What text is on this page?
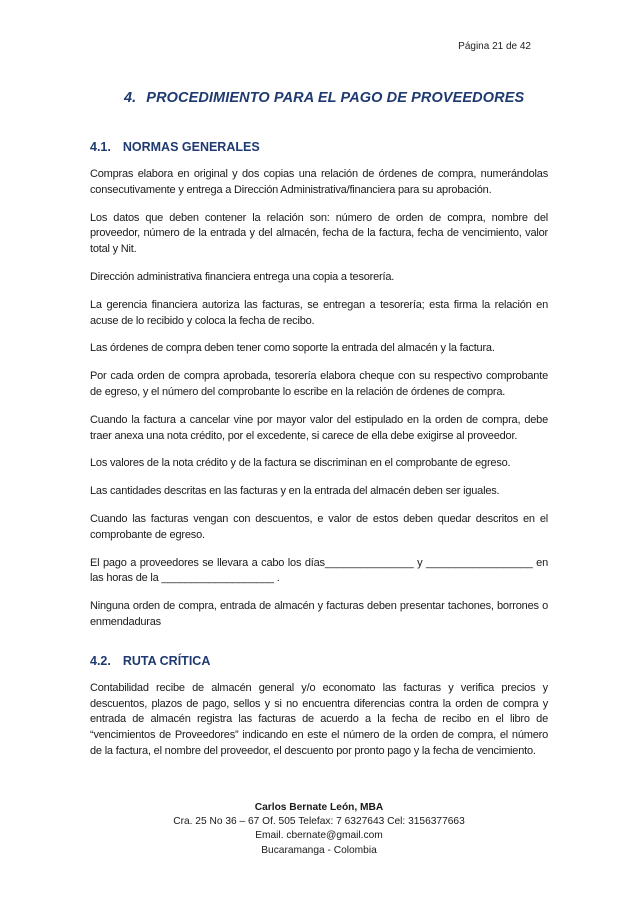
Página 21 de 42
4. PROCEDIMIENTO PARA EL PAGO DE PROVEEDORES
4.1. NORMAS GENERALES

Compras elabora en original y dos copias una relación de órdenes de compra, numerándolas consecutivamente y entrega a Dirección Administrativa/financiera para su aprobación.

Los datos que deben contener la relación son: número de orden de compra, nombre del proveedor, número de la entrada y del almacén, fecha de la factura, fecha de vencimiento, valor total y Nit.

Dirección administrativa financiera entrega una copia a tesorería.

La gerencia financiera autoriza las facturas, se entregan a tesorería; esta firma la relación en acuse de lo recibido y coloca la fecha de recibo.

Las órdenes de compra deben tener como soporte la entrada del almacén y la factura.

Por cada orden de compra aprobada, tesorería elabora cheque con su respectivo comprobante de egreso, y el número del comprobante lo escribe en la relación de órdenes de compra.

Cuando la factura a cancelar vine por mayor valor del estipulado en la orden de compra, debe traer anexa una nota crédito, por el excedente, si carece de ella debe exigirse al proveedor.

Los valores de la nota crédito y de la factura se discriminan en el comprobante de egreso.

Las cantidades descritas en las facturas y en la entrada del almacén deben ser iguales.

Cuando las facturas vengan con descuentos, e valor de estos deben quedar descritos en el comprobante de egreso.

El pago a proveedores se llevara a cabo los días_______________ y __________________ en las horas de la ___________________ .

Ninguna orden de compra, entrada de almacén y facturas deben presentar tachones, borrones o enmendaduras

4.2. RUTA CRÍTICA

Contabilidad recibe de almacén general y/o economato las facturas y verifica precios y descuentos, plazos de pago, sellos y si no encuentra diferencias contra la orden de compra y entrada de almacén registra las facturas de acuerdo a la fecha de recibo en el libro de “vencimientos de Proveedores” indicando en este el número de la orden de compra, el número de la factura, el nombre del proveedor, el descuento por pronto pago y la fecha de vencimiento.

Carlos Bernate León, MBA
Cra. 25 No 36 – 67 Of. 505 Telefax: 7 6327643 Cel: 3156377663
Email. cbernate@gmail.com
Bucaramanga - Colombia
